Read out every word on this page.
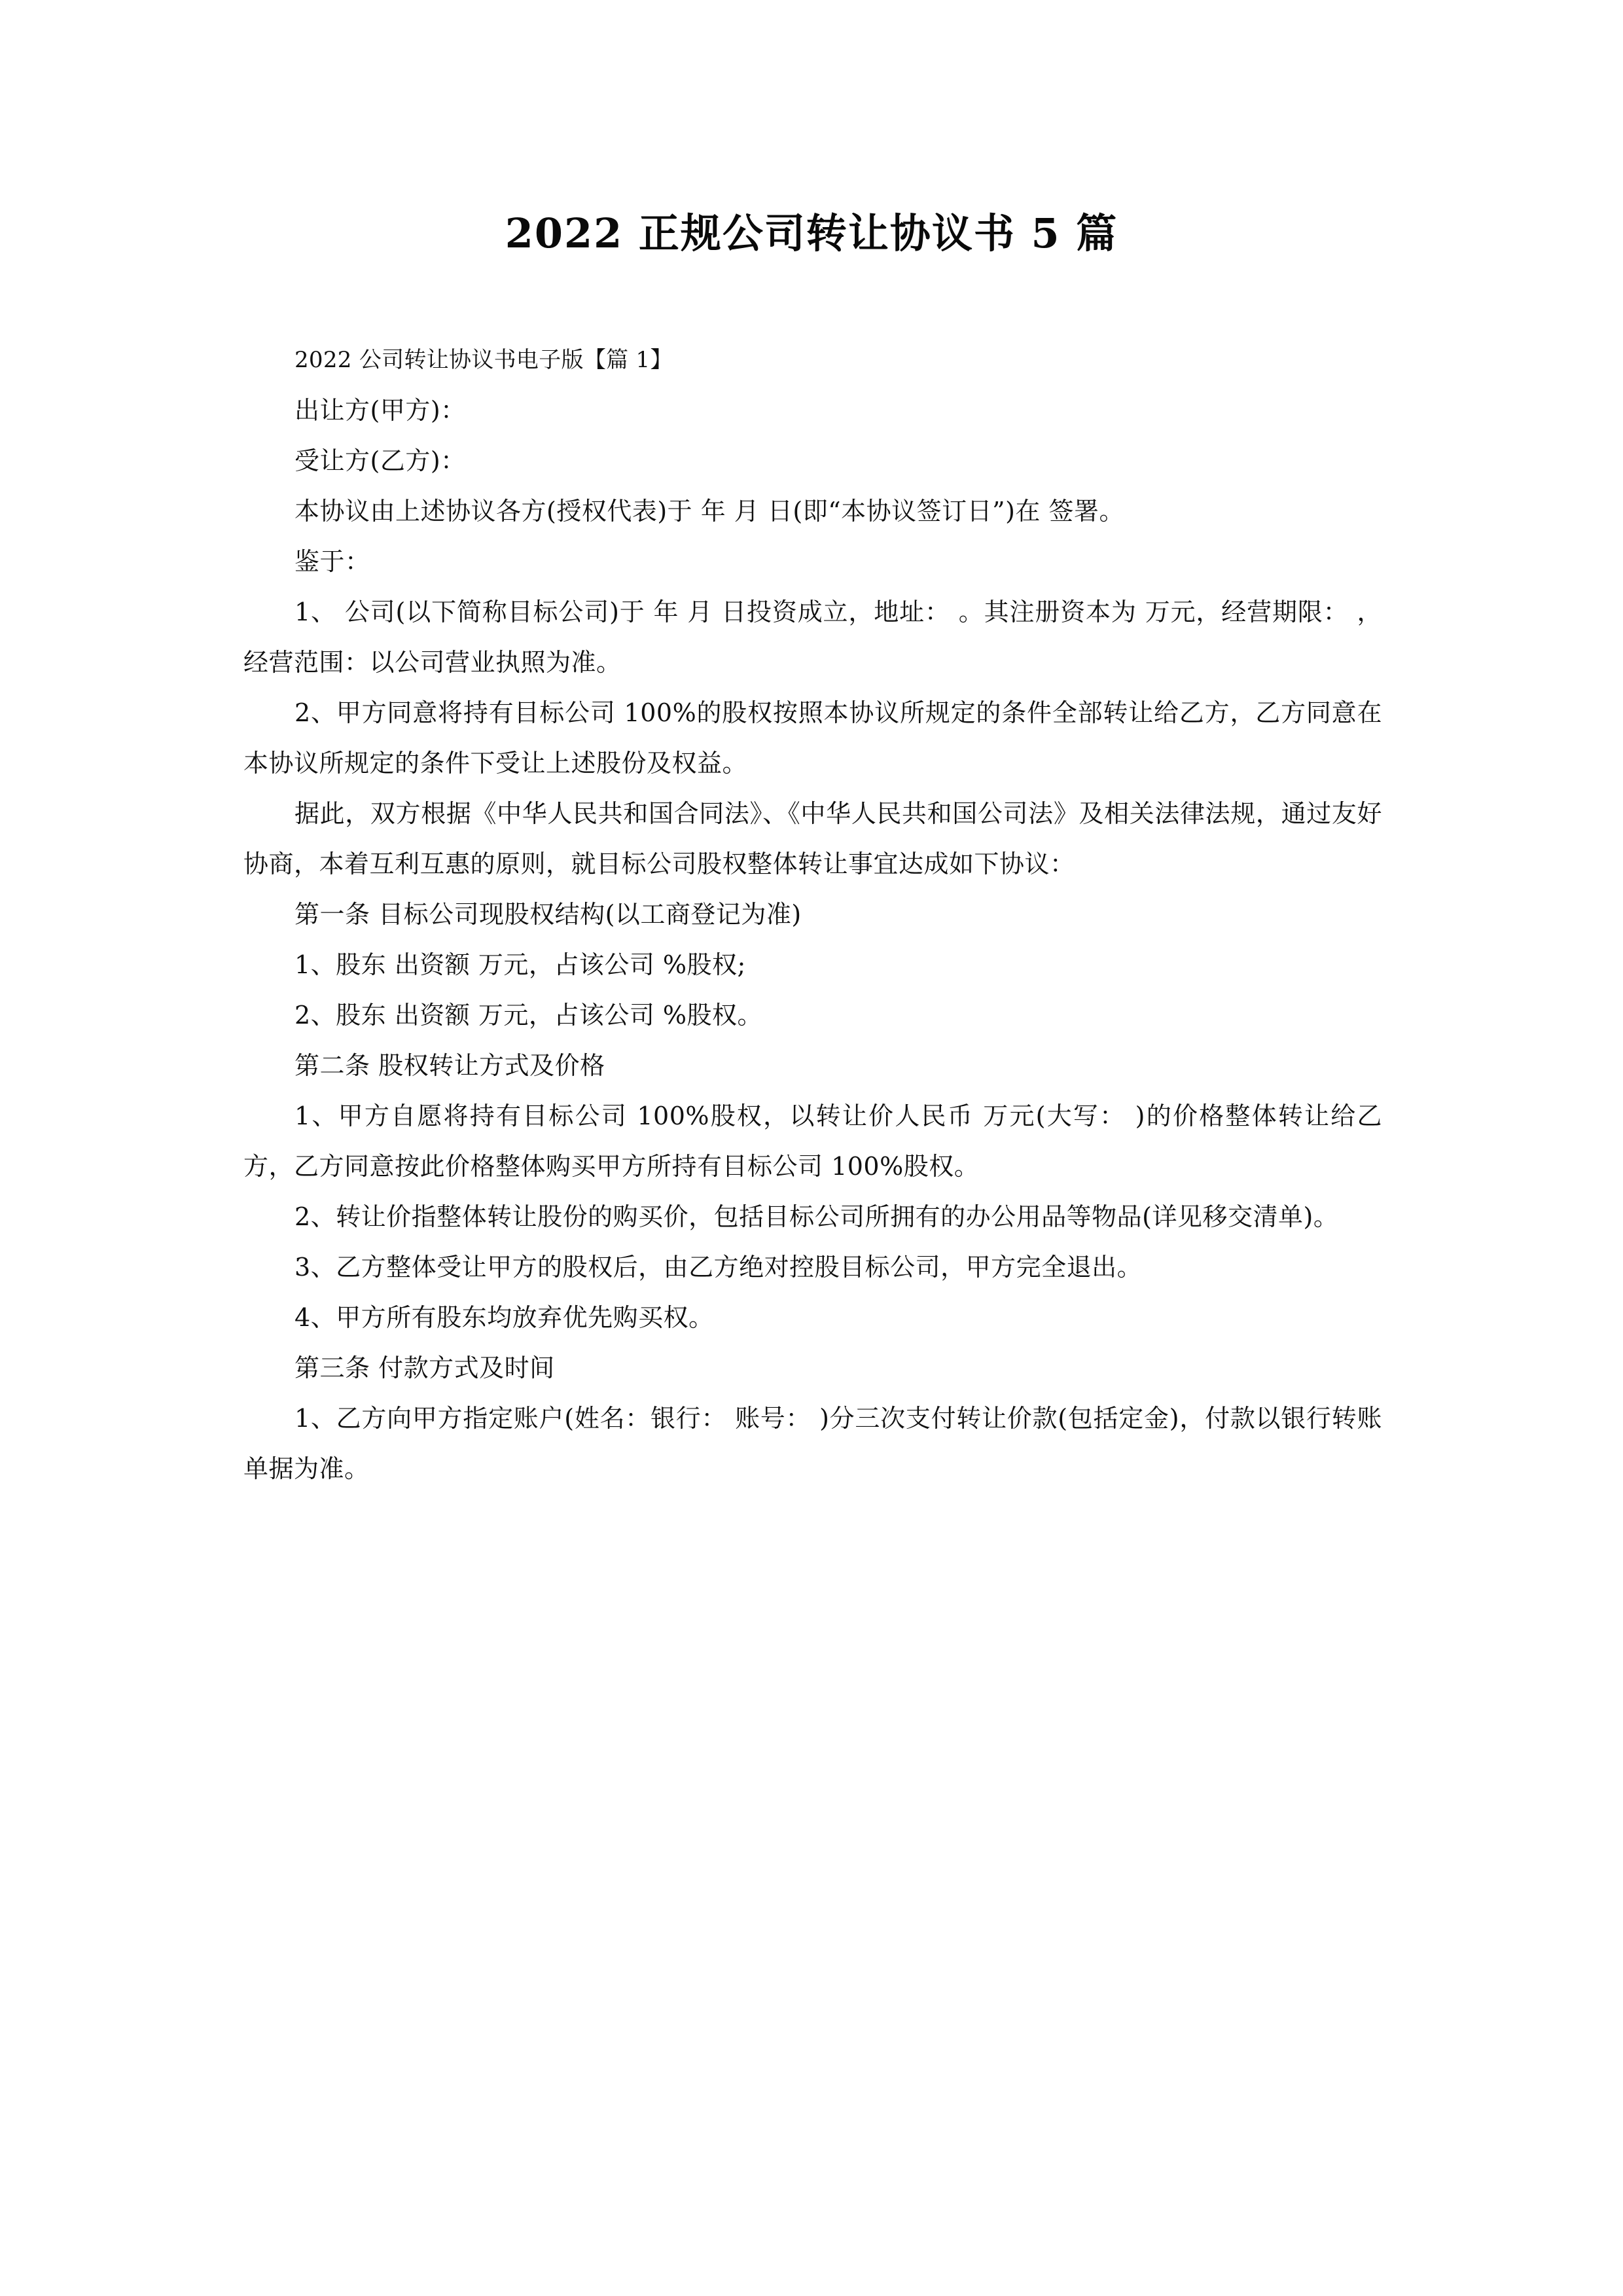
2022 正规公司转让协议书 5 篇

2022 公司转让协议书电子版【篇 1】

出让方(甲方)：

受让方(乙方)：

本协议由上述协议各方(授权代表)于 年 月 日(即“本协议签订日”)在 签署。

鉴于：

1、 公司(以下简称目标公司)于 年 月 日投资成立，地址： 。其注册资本为 万元，经营期限： ，经营范围：以公司营业执照为准。

2、甲方同意将持有目标公司 100%的股权按照本协议所规定的条件全部转让给乙方，乙方同意在本协议所规定的条件下受让上述股份及权益。

据此，双方根据《中华人民共和国合同法》、《中华人民共和国公司法》及相关法律法规，通过友好协商，本着互利互惠的原则，就目标公司股权整体转让事宜达成如下协议：

第一条 目标公司现股权结构(以工商登记为准)

1、股东 出资额 万元，占该公司 %股权;

2、股东 出资额 万元，占该公司 %股权。

第二条 股权转让方式及价格

1、甲方自愿将持有目标公司 100%股权，以转让价人民币 万元(大写： )的价格整体转让给乙方，乙方同意按此价格整体购买甲方所持有目标公司 100%股权。

2、转让价指整体转让股份的购买价，包括目标公司所拥有的办公用品等物品(详见移交清单)。

3、乙方整体受让甲方的股权后，由乙方绝对控股目标公司，甲方完全退出。

4、甲方所有股东均放弃优先购买权。

第三条 付款方式及时间

1、乙方向甲方指定账户(姓名：银行： 账号： )分三次支付转让价款(包括定金)，付款以银行转账单据为准。
